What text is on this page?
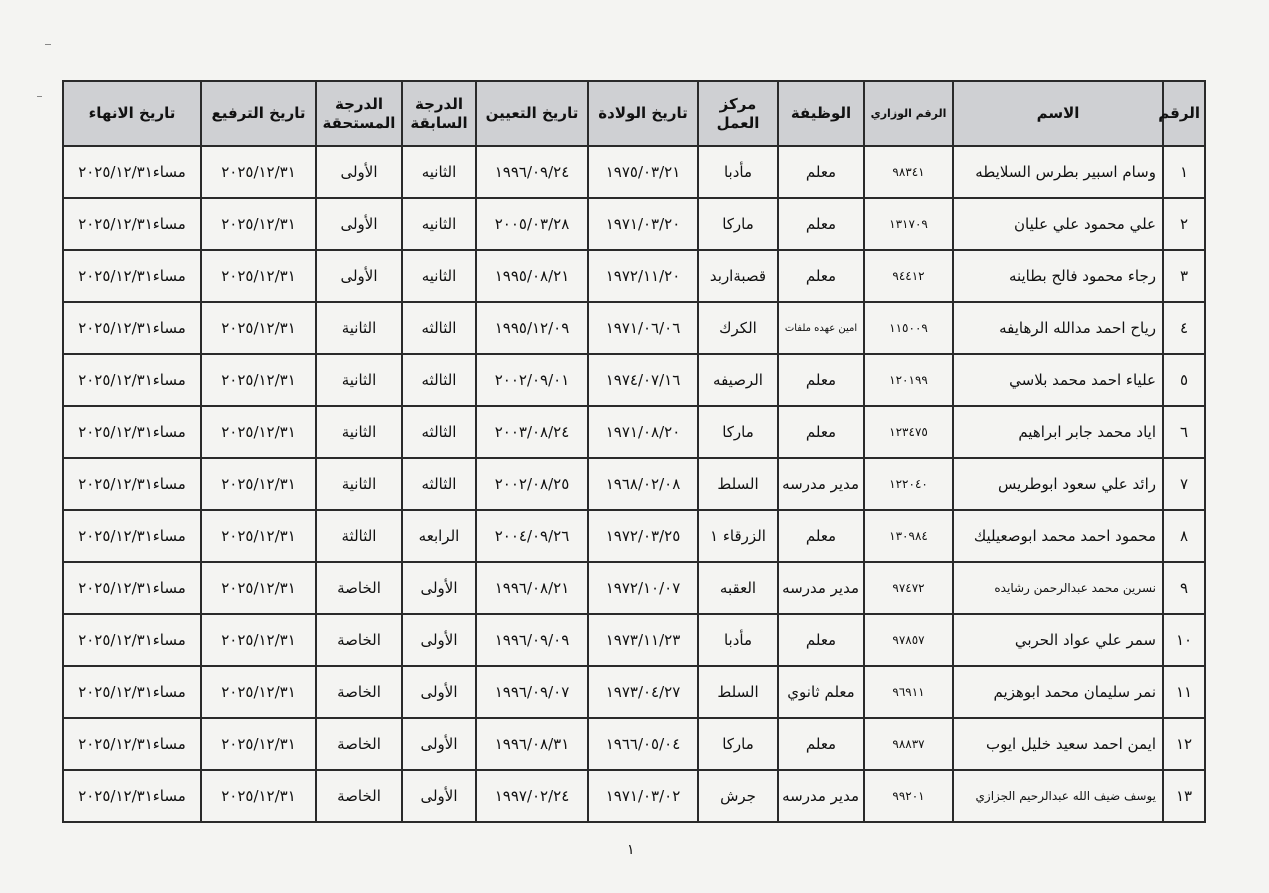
الرقم	الاسم	الرقم الوزاري	الوظيفة	مركز العمل	تاريخ الولادة	تاريخ التعيين	الدرجة السابقة	الدرجة المستحقة	تاريخ الترفيع	تاريخ الانهاء
١	وسام اسبير بطرس السلايطه	٩٨٣٤١	معلم	مأدبا	١٩٧٥/٠٣/٢١	١٩٩٦/٠٩/٢٤	الثانيه	الأولى	٢٠٢٥/١٢/٣١	مساء٢٠٢٥/١٢/٣١
٢	علي محمود علي عليان	١٣١٧٠٩	معلم	ماركا	١٩٧١/٠٣/٢٠	٢٠٠٥/٠٣/٢٨	الثانيه	الأولى	٢٠٢٥/١٢/٣١	مساء٢٠٢٥/١٢/٣١
٣	رجاء محمود فالح بطاينه	٩٤٤١٢	معلم	قصبةاربد	١٩٧٢/١١/٢٠	١٩٩٥/٠٨/٢١	الثانيه	الأولى	٢٠٢٥/١٢/٣١	مساء٢٠٢٥/١٢/٣١
٤	رياح احمد مدالله الرهايفه	١١٥٠٠٩	امين عهده ملفات	الكرك	١٩٧١/٠٦/٠٦	١٩٩٥/١٢/٠٩	الثالثه	الثانية	٢٠٢٥/١٢/٣١	مساء٢٠٢٥/١٢/٣١
٥	علياء احمد محمد بلاسي	١٢٠١٩٩	معلم	الرصيفه	١٩٧٤/٠٧/١٦	٢٠٠٢/٠٩/٠١	الثالثه	الثانية	٢٠٢٥/١٢/٣١	مساء٢٠٢٥/١٢/٣١
٦	اياد محمد جابر ابراهيم	١٢٣٤٧٥	معلم	ماركا	١٩٧١/٠٨/٢٠	٢٠٠٣/٠٨/٢٤	الثالثه	الثانية	٢٠٢٥/١٢/٣١	مساء٢٠٢٥/١٢/٣١
٧	رائد علي سعود ابوطريس	١٢٢٠٤٠	مدير مدرسه	السلط	١٩٦٨/٠٢/٠٨	٢٠٠٢/٠٨/٢٥	الثالثه	الثانية	٢٠٢٥/١٢/٣١	مساء٢٠٢٥/١٢/٣١
٨	محمود احمد محمد ابوصعيليك	١٣٠٩٨٤	معلم	الزرقاء ١	١٩٧٢/٠٣/٢٥	٢٠٠٤/٠٩/٢٦	الرابعه	الثالثة	٢٠٢٥/١٢/٣١	مساء٢٠٢٥/١٢/٣١
٩	نسرين محمد عبدالرحمن رشايده	٩٧٤٧٢	مدير مدرسه	العقبه	١٩٧٢/١٠/٠٧	١٩٩٦/٠٨/٢١	الأولى	الخاصة	٢٠٢٥/١٢/٣١	مساء٢٠٢٥/١٢/٣١
١٠	سمر علي عواد الحربي	٩٧٨٥٧	معلم	مأدبا	١٩٧٣/١١/٢٣	١٩٩٦/٠٩/٠٩	الأولى	الخاصة	٢٠٢٥/١٢/٣١	مساء٢٠٢٥/١٢/٣١
١١	نمر سليمان محمد ابوهزيم	٩٦٩١١	معلم ثانوي	السلط	١٩٧٣/٠٤/٢٧	١٩٩٦/٠٩/٠٧	الأولى	الخاصة	٢٠٢٥/١٢/٣١	مساء٢٠٢٥/١٢/٣١
١٢	ايمن احمد سعيد خليل ايوب	٩٨٨٣٧	معلم	ماركا	١٩٦٦/٠٥/٠٤	١٩٩٦/٠٨/٣١	الأولى	الخاصة	٢٠٢٥/١٢/٣١	مساء٢٠٢٥/١٢/٣١
١٣	يوسف ضيف الله عبدالرحيم الجزازي	٩٩٢٠١	مدير مدرسه	جرش	١٩٧١/٠٣/٠٢	١٩٩٧/٠٢/٢٤	الأولى	الخاصة	٢٠٢٥/١٢/٣١	مساء٢٠٢٥/١٢/٣١
١
